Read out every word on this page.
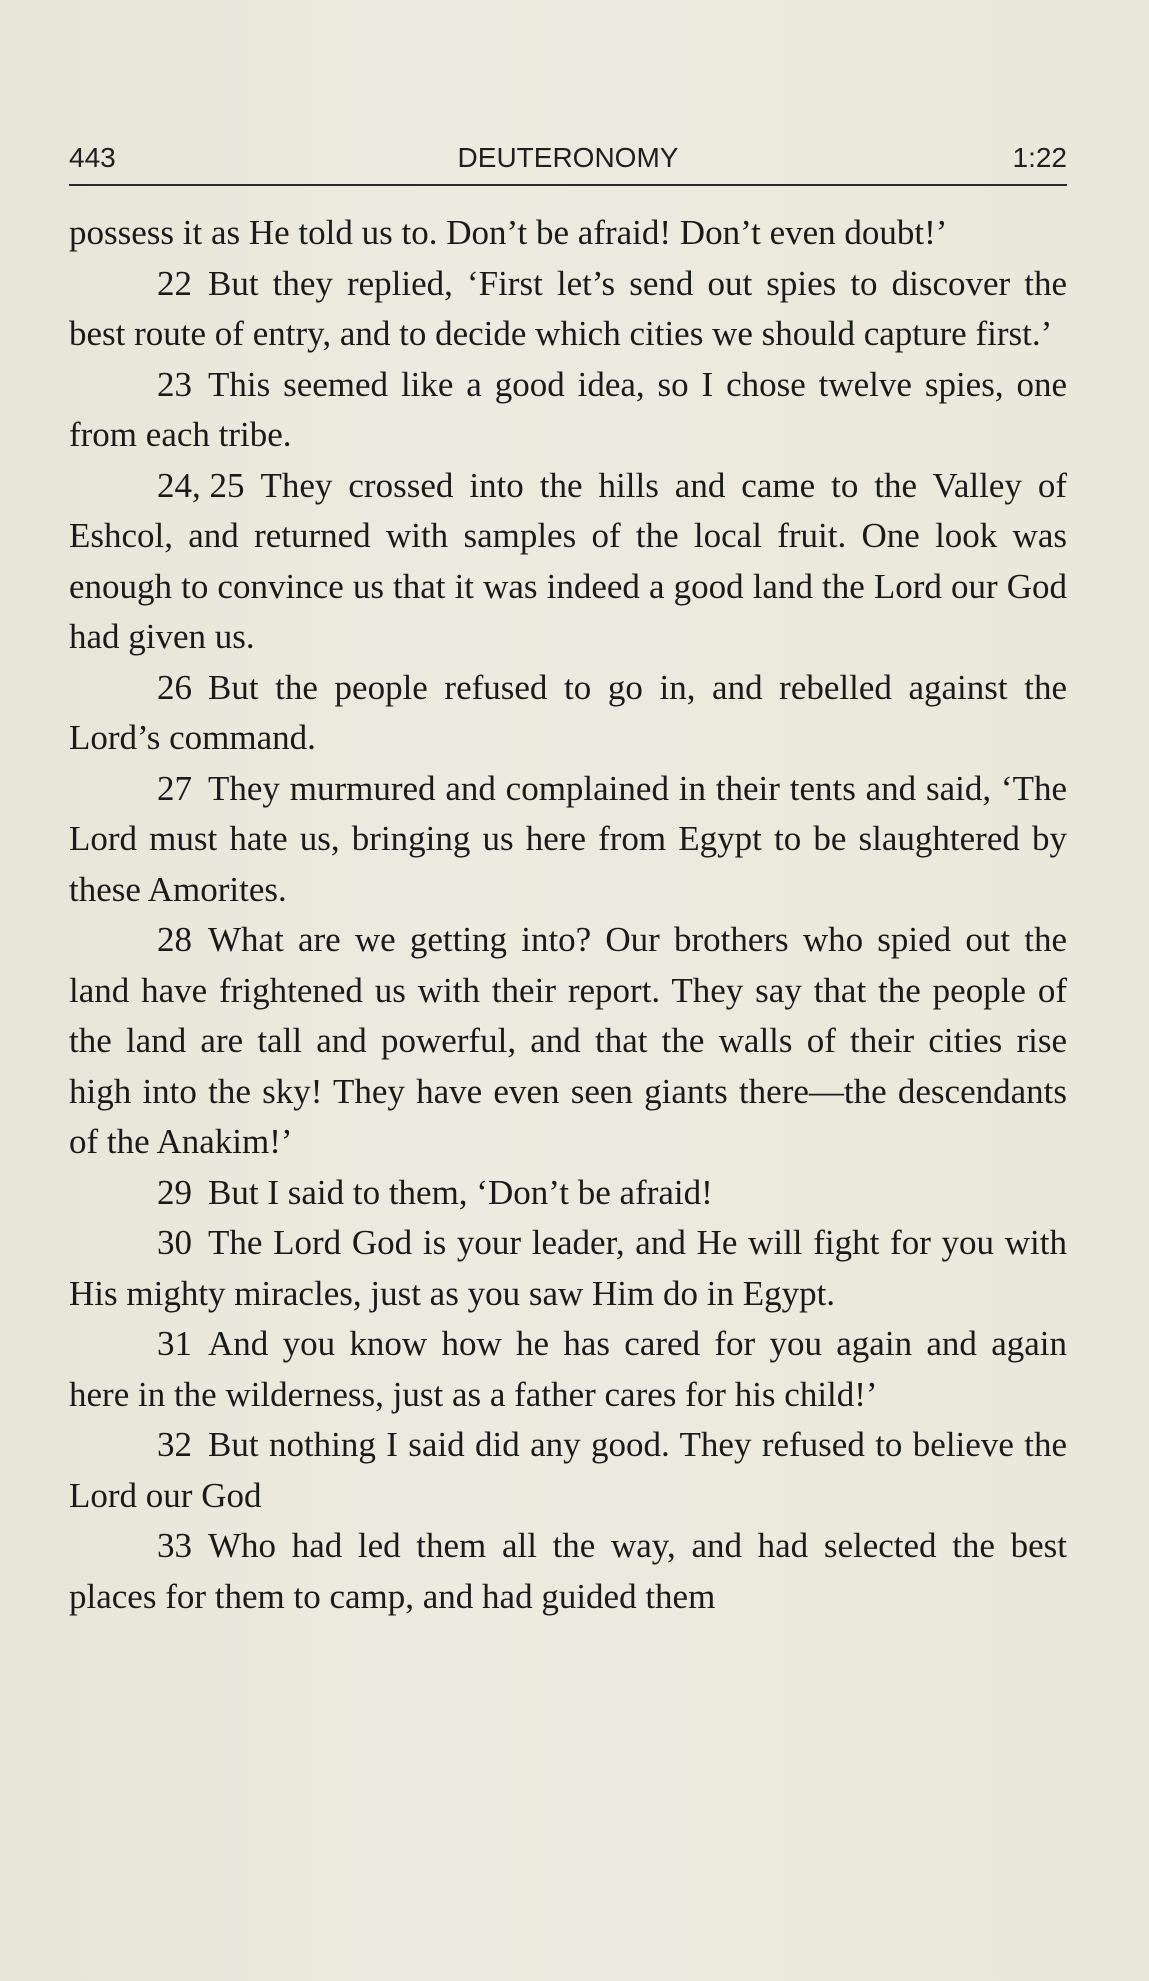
443	DEUTERONOMY	1:22

possess it as He told us to. Don’t be afraid! Don’t even doubt!’

22 But they replied, ‘First let’s send out spies to discover the best route of entry, and to decide which cities we should capture first.’

23 This seemed like a good idea, so I chose twelve spies, one from each tribe.

24, 25 They crossed into the hills and came to the Valley of Eshcol, and returned with samples of the local fruit. One look was enough to convince us that it was indeed a good land the Lord our God had given us.

26 But the people refused to go in, and rebelled against the Lord’s command.

27 They murmured and complained in their tents and said, ‘The Lord must hate us, bringing us here from Egypt to be slaughtered by these Amorites.

28 What are we getting into? Our brothers who spied out the land have frightened us with their report. They say that the people of the land are tall and powerful, and that the walls of their cities rise high into the sky! They have even seen giants there—the descendants of the Anakim!’

29 But I said to them, ‘Don’t be afraid!

30 The Lord God is your leader, and He will fight for you with His mighty miracles, just as you saw Him do in Egypt.

31 And you know how he has cared for you again and again here in the wilderness, just as a father cares for his child!’

32 But nothing I said did any good. They refused to believe the Lord our God

33 Who had led them all the way, and had selected the best places for them to camp, and had guided them
